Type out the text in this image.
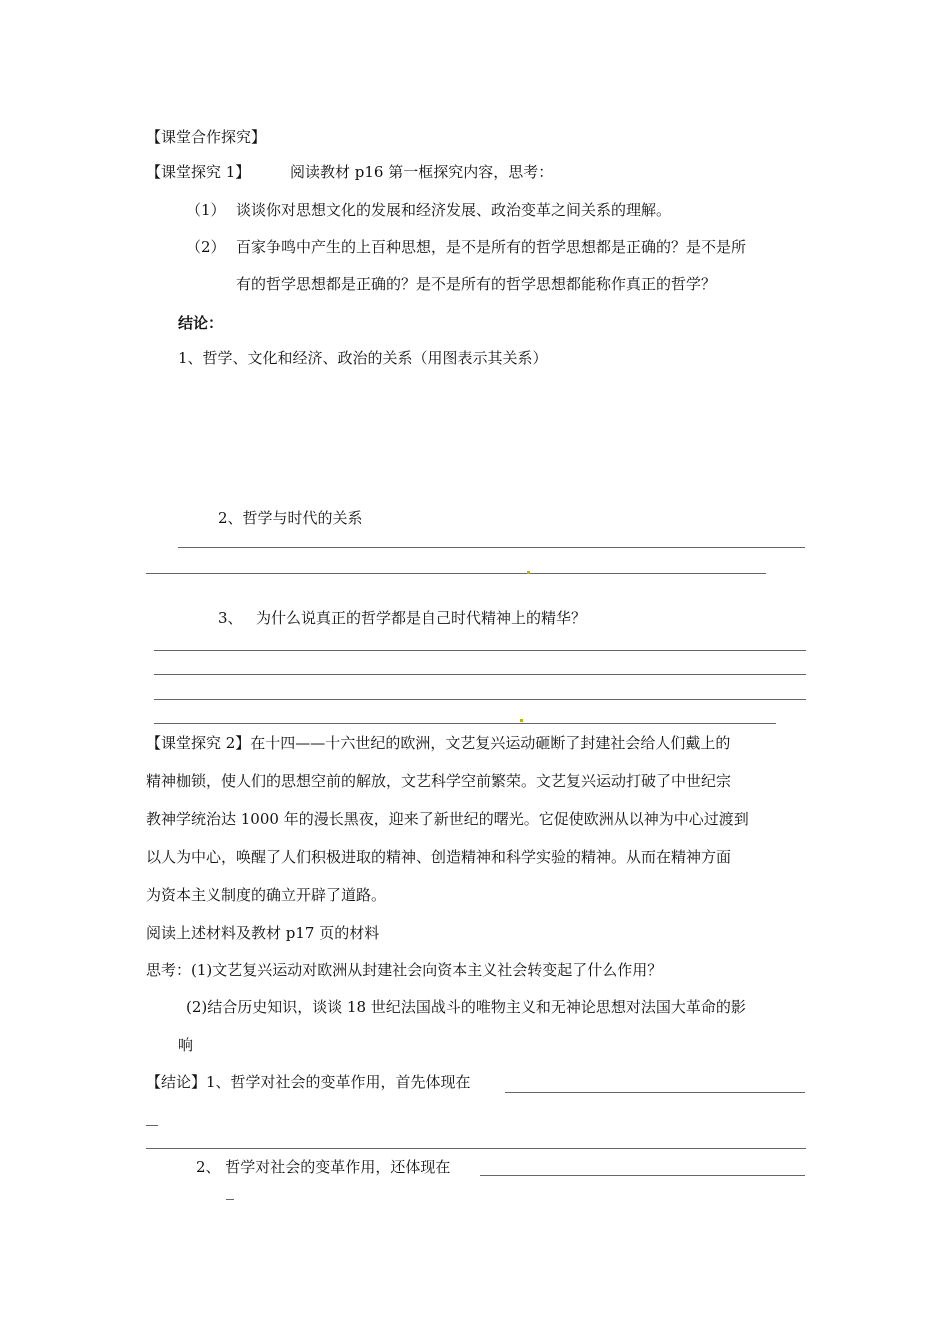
【课堂合作探究】
【课堂探究 1】	阅读教材 p16 第一框探究内容，思考：
（1） 谈谈你对思想文化的发展和经济发展、政治变革之间关系的理解。
（2） 百家争鸣中产生的上百种思想，是不是所有的哲学思想都是正确的？是不是所
有的哲学思想都是正确的？是不是所有的哲学思想都能称作真正的哲学？
结论：
1、哲学、文化和经济、政治的关系（用图表示其关系）
2、哲学与时代的关系
3、 为什么说真正的哲学都是自己时代精神上的精华？
【课堂探究 2】在十四——十六世纪的欧洲，文艺复兴运动砸断了封建社会给人们戴上的
精神枷锁，使人们的思想空前的解放，文艺科学空前繁荣。文艺复兴运动打破了中世纪宗
教神学统治达 1000 年的漫长黑夜，迎来了新世纪的曙光。它促使欧洲从以神为中心过渡到
以人为中心，唤醒了人们积极进取的精神、创造精神和科学实验的精神。从而在精神方面
为资本主义制度的确立开辟了道路。
阅读上述材料及教材 p17 页的材料
思考：(1)文艺复兴运动对欧洲从封建社会向资本主义社会转变起了什么作用？
(2)结合历史知识，谈谈 18 世纪法国战斗的唯物主义和无神论思想对法国大革命的影
响
【结论】1、哲学对社会的变革作用，首先体现在
2、 哲学对社会的变革作用，还体现在
